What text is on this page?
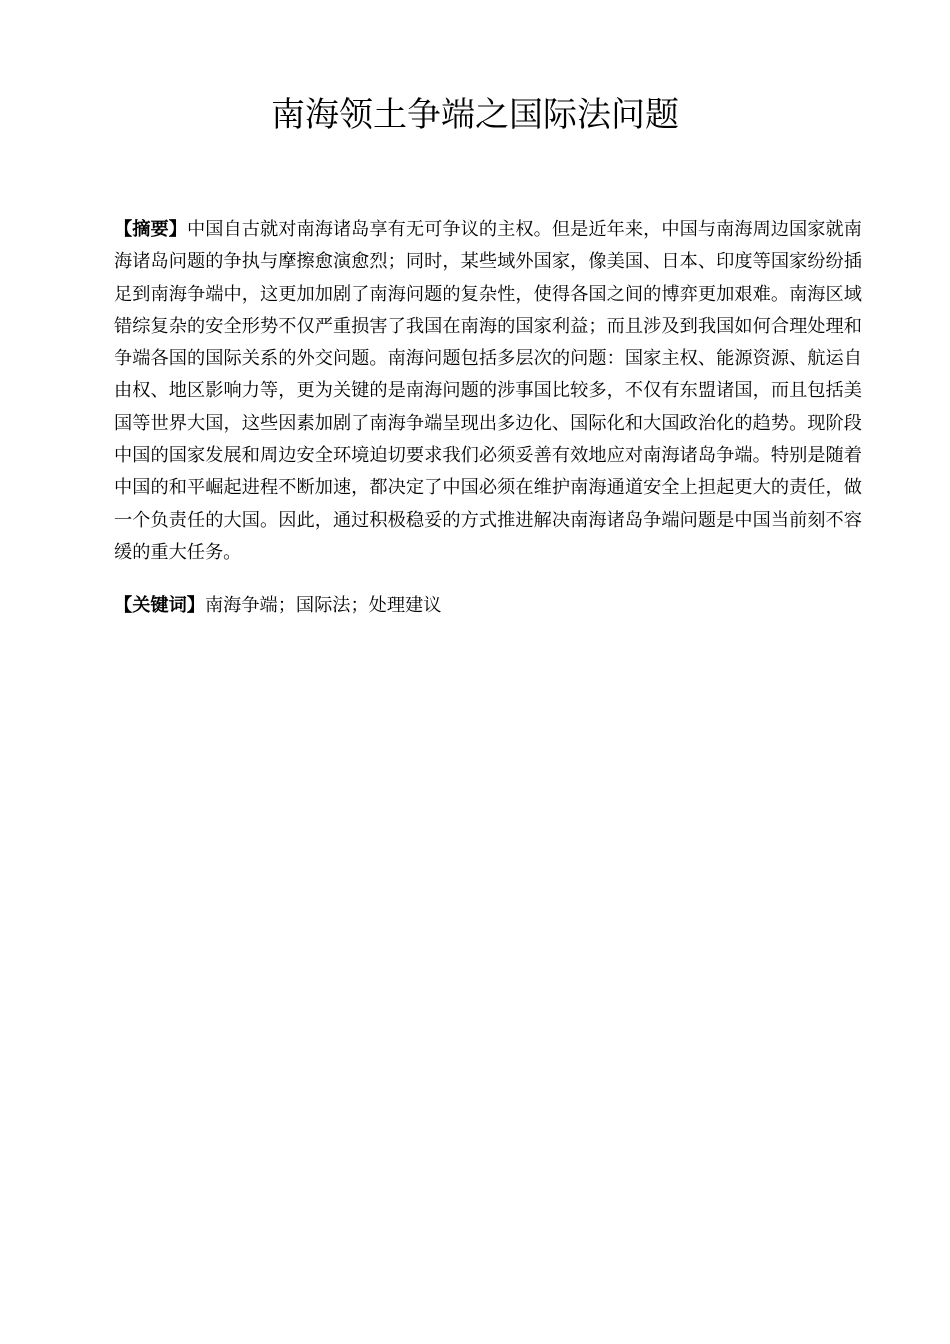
南海领土争端之国际法问题

【摘要】中国自古就对南海诸岛享有无可争议的主权。但是近年来，中国与南海周边国家就南海诸岛问题的争执与摩擦愈演愈烈；同时，某些域外国家，像美国、日本、印度等国家纷纷插足到南海争端中，这更加加剧了南海问题的复杂性，使得各国之间的博弈更加艰难。南海区域错综复杂的安全形势不仅严重损害了我国在南海的国家利益；而且涉及到我国如何合理处理和争端各国的国际关系的外交问题。南海问题包括多层次的问题：国家主权、能源资源、航运自由权、地区影响力等，更为关键的是南海问题的涉事国比较多，不仅有东盟诸国，而且包括美国等世界大国，这些因素加剧了南海争端呈现出多边化、国际化和大国政治化的趋势。现阶段中国的国家发展和周边安全环境迫切要求我们必须妥善有效地应对南海诸岛争端。特别是随着中国的和平崛起进程不断加速，都决定了中国必须在维护南海通道安全上担起更大的责任，做一个负责任的大国。因此，通过积极稳妥的方式推进解决南海诸岛争端问题是中国当前刻不容缓的重大任务。

【关键词】南海争端；国际法；处理建议
